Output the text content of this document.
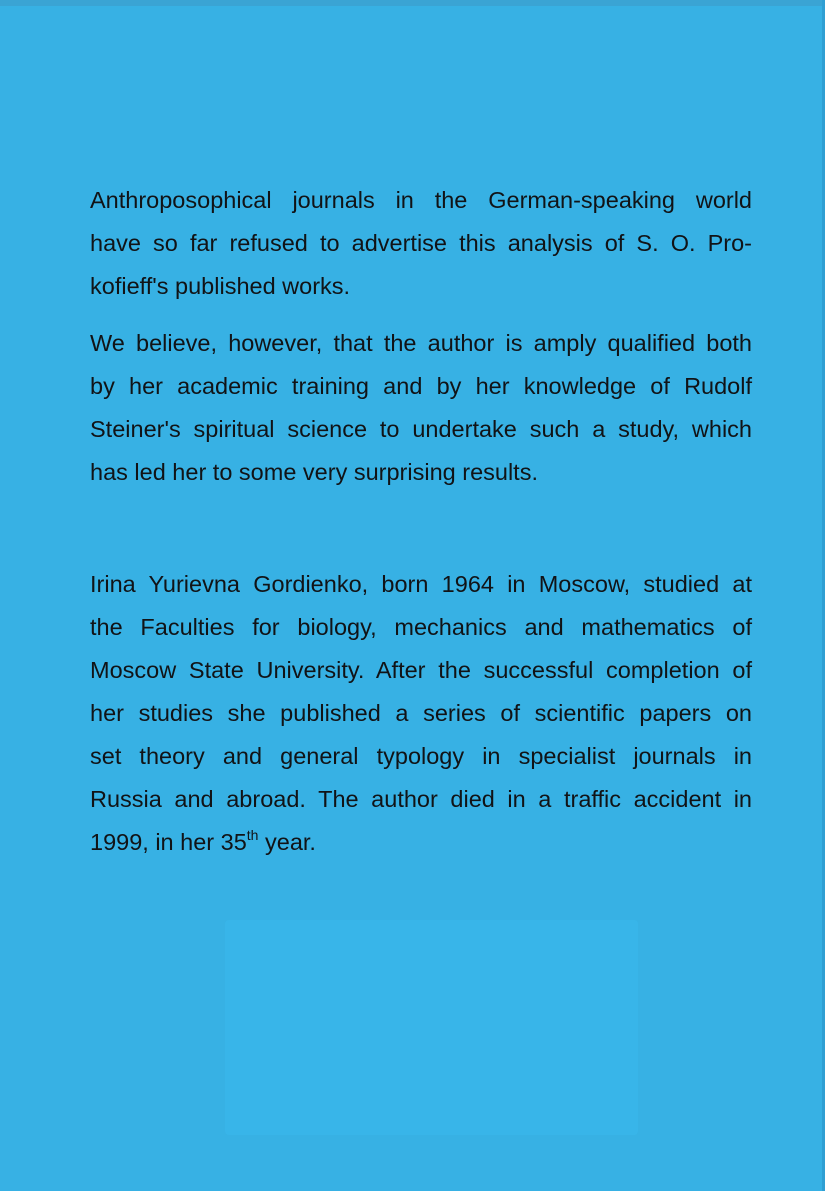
Anthroposophical journals in the German-speaking world
have so far refused to advertise this analysis of S. O. Pro-
kofieff's published works.

We believe, however, that the author is amply qualified both
by her academic training and by her knowledge of Rudolf
Steiner's spiritual science to undertake such a study, which
has led her to some very surprising results.

Irina Yurievna Gordienko, born 1964 in Moscow, studied at
the Faculties for biology, mechanics and mathematics of
Moscow State University. After the successful completion of
her studies she published a series of scientific papers on
set theory and general typology in specialist journals in
Russia and abroad. The author died in a traffic accident in
1999, in her 35th year.
